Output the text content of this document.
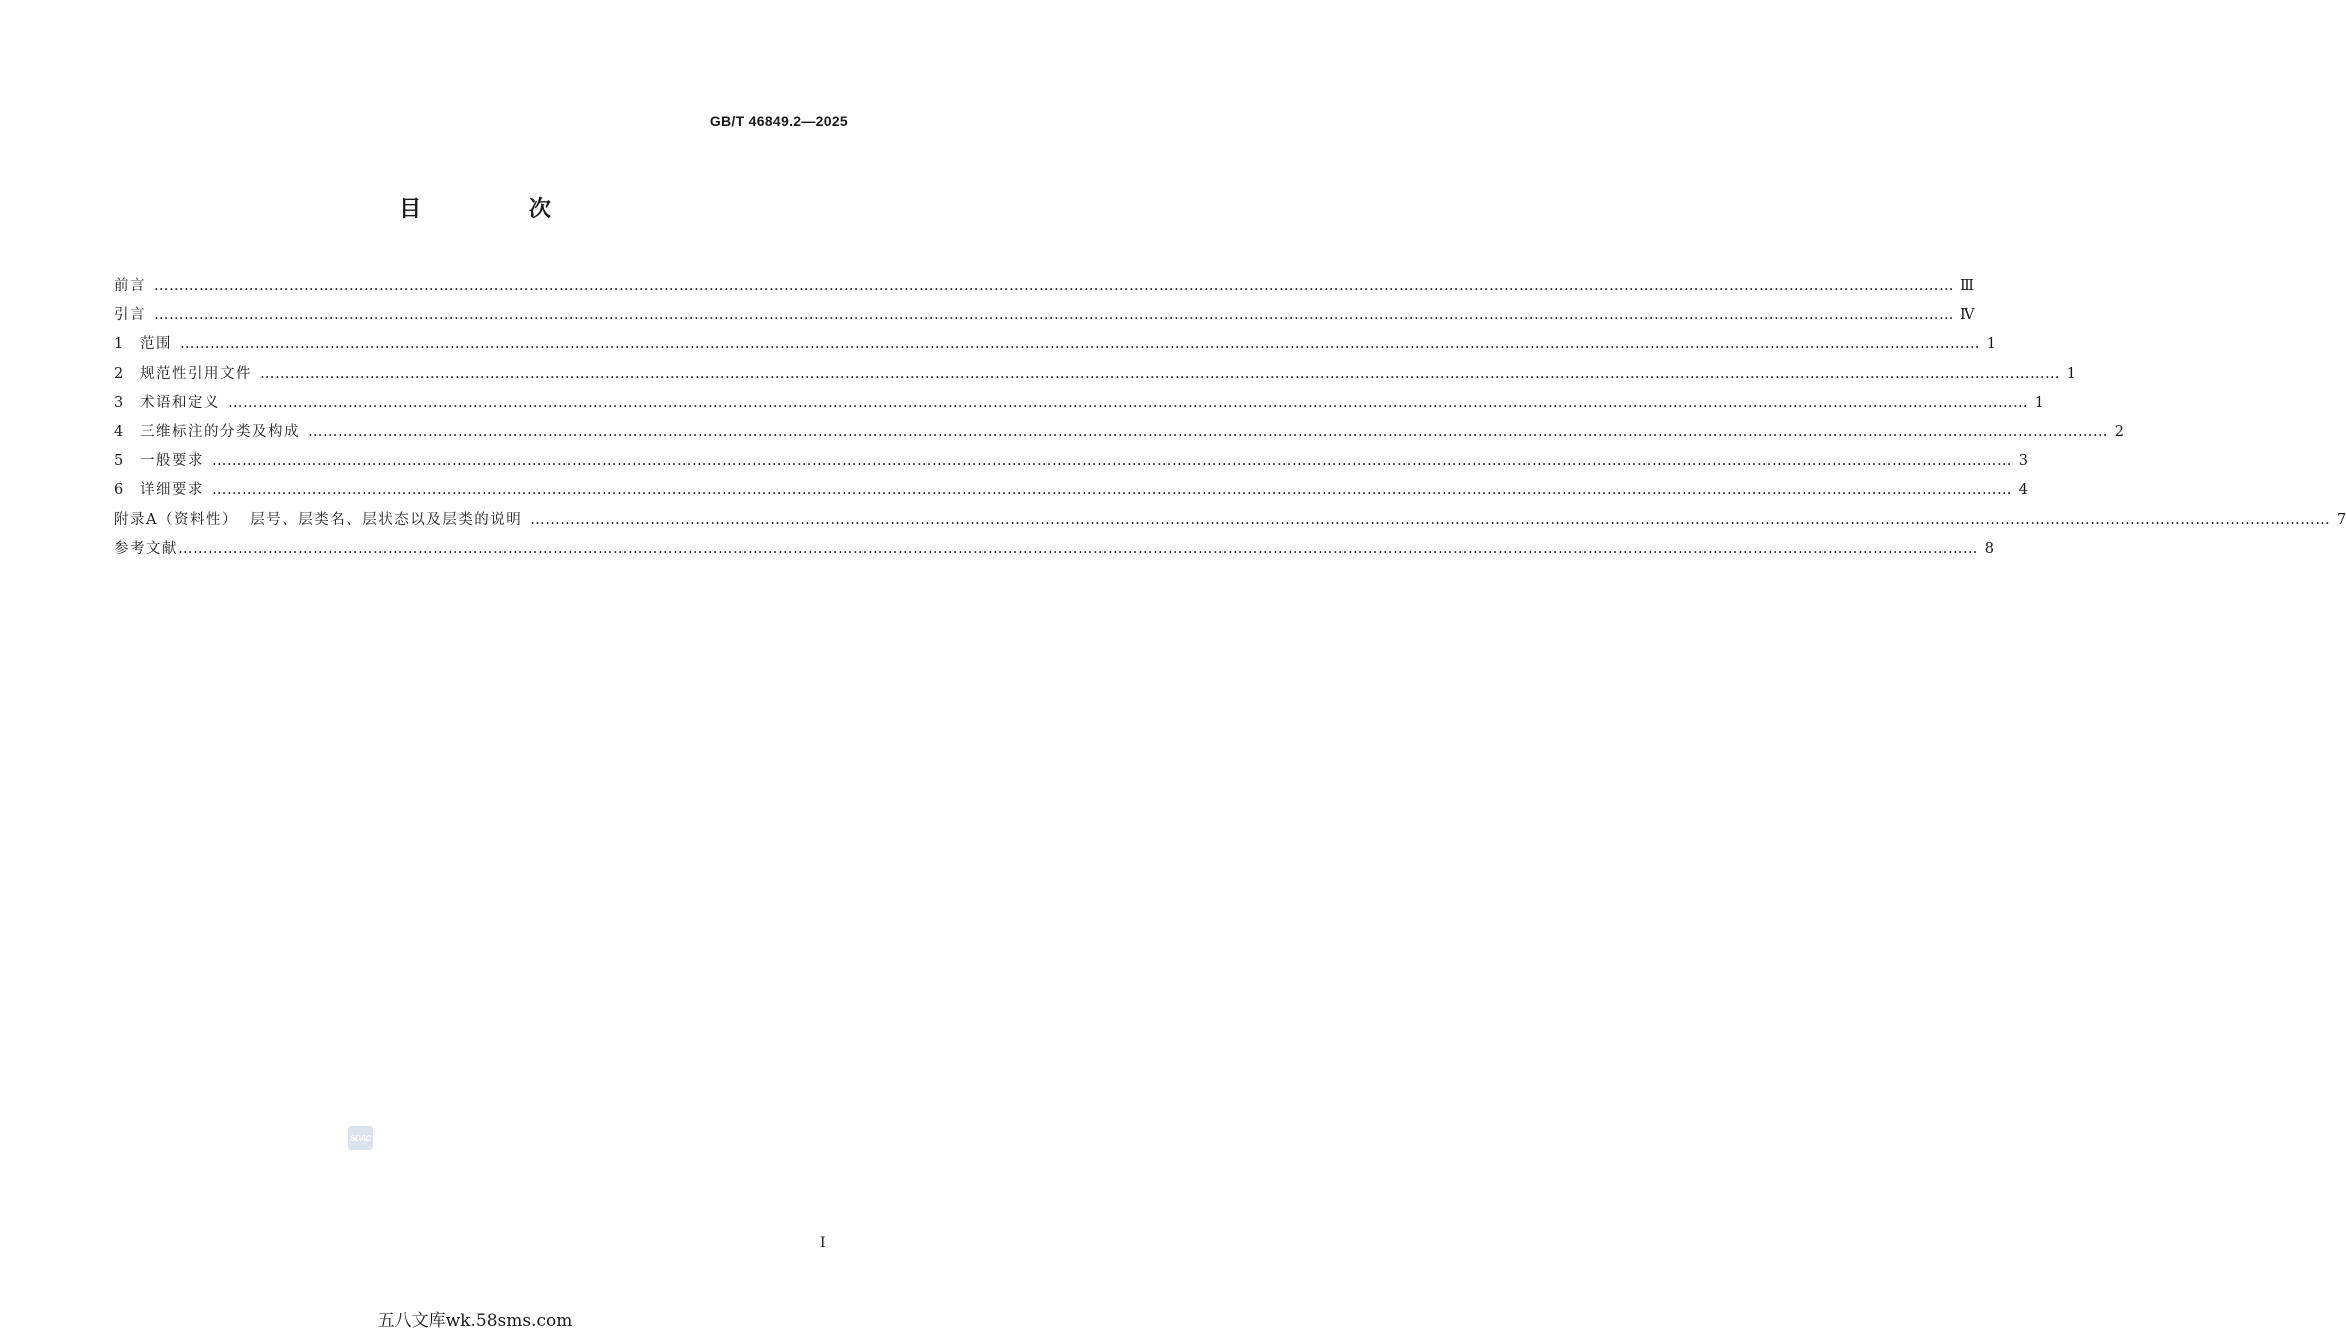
GB/T 46849.2—2025
目 次
前言 ……………………………………………………………………………………………………………………………………………………………………………………………………………………………………………………………………………………………………………………………… Ⅲ
引言 ……………………………………………………………………………………………………………………………………………………………………………………………………………………………………………………………………………………………………………………………… Ⅳ
1	范围 ……………………………………………………………………………………………………………………………………………………………………………………………………………………………………………………………………………………………………………………………… 1
2	规范性引用文件 ……………………………………………………………………………………………………………………………………………………………………………………………………………………………………………………………………………………………………………………………… 1
3	术语和定义 ……………………………………………………………………………………………………………………………………………………………………………………………………………………………………………………………………………………………………………………………… 1
4	三维标注的分类及构成 ……………………………………………………………………………………………………………………………………………………………………………………………………………………………………………………………………………………………………………………………… 2
5	一般要求 ……………………………………………………………………………………………………………………………………………………………………………………………………………………………………………………………………………………………………………………………… 3
6	详细要求 ……………………………………………………………………………………………………………………………………………………………………………………………………………………………………………………………………………………………………………………………… 4
附录A（资料性）  层号、层类名、层状态以及层类的说明 ……………………………………………………………………………………………………………………………………………………………………………………………………………………………………………………………………………………………………………………………… 7
参考文献 ……………………………………………………………………………………………………………………………………………………………………………………………………………………………………………………………………………………………………………………………… 8
SDAC
I
五八文库wk.58sms.com
